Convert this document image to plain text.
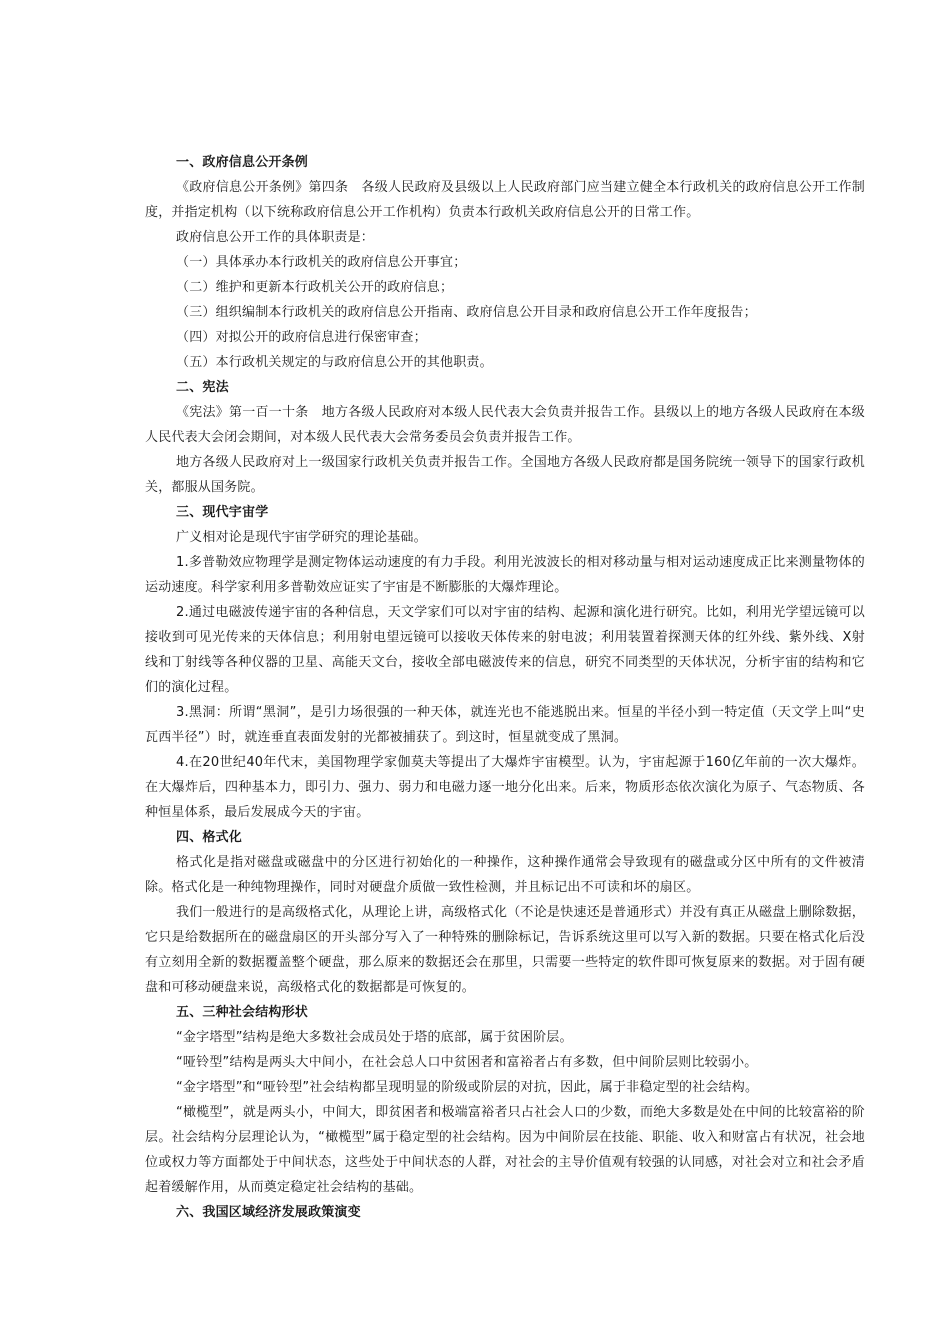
一、政府信息公开条例

《政府信息公开条例》第四条　各级人民政府及县级以上人民政府部门应当建立健全本行政机关的政府信息公开工作制度，并指定机构（以下统称政府信息公开工作机构）负责本行政机关政府信息公开的日常工作。

政府信息公开工作的具体职责是：

（一）具体承办本行政机关的政府信息公开事宜；

（二）维护和更新本行政机关公开的政府信息；

（三）组织编制本行政机关的政府信息公开指南、政府信息公开目录和政府信息公开工作年度报告；

（四）对拟公开的政府信息进行保密审查；

（五）本行政机关规定的与政府信息公开的其他职责。

二、宪法

《宪法》第一百一十条　地方各级人民政府对本级人民代表大会负责并报告工作。县级以上的地方各级人民政府在本级人民代表大会闭会期间，对本级人民代表大会常务委员会负责并报告工作。

地方各级人民政府对上一级国家行政机关负责并报告工作。全国地方各级人民政府都是国务院统一领导下的国家行政机关，都服从国务院。

三、现代宇宙学

广义相对论是现代宇宙学研究的理论基础。

1.多普勒效应物理学是测定物体运动速度的有力手段。利用光波波长的相对移动量与相对运动速度成正比来测量物体的运动速度。科学家利用多普勒效应证实了宇宙是不断膨胀的大爆炸理论。

2.通过电磁波传递宇宙的各种信息，天文学家们可以对宇宙的结构、起源和演化进行研究。比如，利用光学望远镜可以接收到可见光传来的天体信息；利用射电望远镜可以接收天体传来的射电波；利用装置着探测天体的红外线、紫外线、X射线和丁射线等各种仪器的卫星、高能天文台，接收全部电磁波传来的信息，研究不同类型的天体状况，分析宇宙的结构和它们的演化过程。

3.黑洞：所谓“黑洞”，是引力场很强的一种天体，就连光也不能逃脱出来。恒星的半径小到一特定值（天文学上叫“史瓦西半径”）时，就连垂直表面发射的光都被捕获了。到这时，恒星就变成了黑洞。

4.在20世纪40年代末，美国物理学家伽莫夫等提出了大爆炸宇宙模型。认为，宇宙起源于160亿年前的一次大爆炸。在大爆炸后，四种基本力，即引力、强力、弱力和电磁力逐一地分化出来。后来，物质形态依次演化为原子、气态物质、各种恒星体系，最后发展成今天的宇宙。

四、格式化

格式化是指对磁盘或磁盘中的分区进行初始化的一种操作，这种操作通常会导致现有的磁盘或分区中所有的文件被清除。格式化是一种纯物理操作，同时对硬盘介质做一致性检测，并且标记出不可读和坏的扇区。

我们一般进行的是高级格式化，从理论上讲，高级格式化（不论是快速还是普通形式）并没有真正从磁盘上删除数据，它只是给数据所在的磁盘扇区的开头部分写入了一种特殊的删除标记，告诉系统这里可以写入新的数据。只要在格式化后没有立刻用全新的数据覆盖整个硬盘，那么原来的数据还会在那里，只需要一些特定的软件即可恢复原来的数据。对于固有硬盘和可移动硬盘来说，高级格式化的数据都是可恢复的。

五、三种社会结构形状

“金字塔型”结构是绝大多数社会成员处于塔的底部，属于贫困阶层。

“哑铃型”结构是两头大中间小，在社会总人口中贫困者和富裕者占有多数，但中间阶层则比较弱小。

“金字塔型”和“哑铃型”社会结构都呈现明显的阶级或阶层的对抗，因此，属于非稳定型的社会结构。

“橄榄型”，就是两头小，中间大，即贫困者和极端富裕者只占社会人口的少数，而绝大多数是处在中间的比较富裕的阶层。社会结构分层理论认为，“橄榄型”属于稳定型的社会结构。因为中间阶层在技能、职能、收入和财富占有状况，社会地位或权力等方面都处于中间状态，这些处于中间状态的人群，对社会的主导价值观有较强的认同感，对社会对立和社会矛盾起着缓解作用，从而奠定稳定社会结构的基础。

六、我国区域经济发展政策演变
